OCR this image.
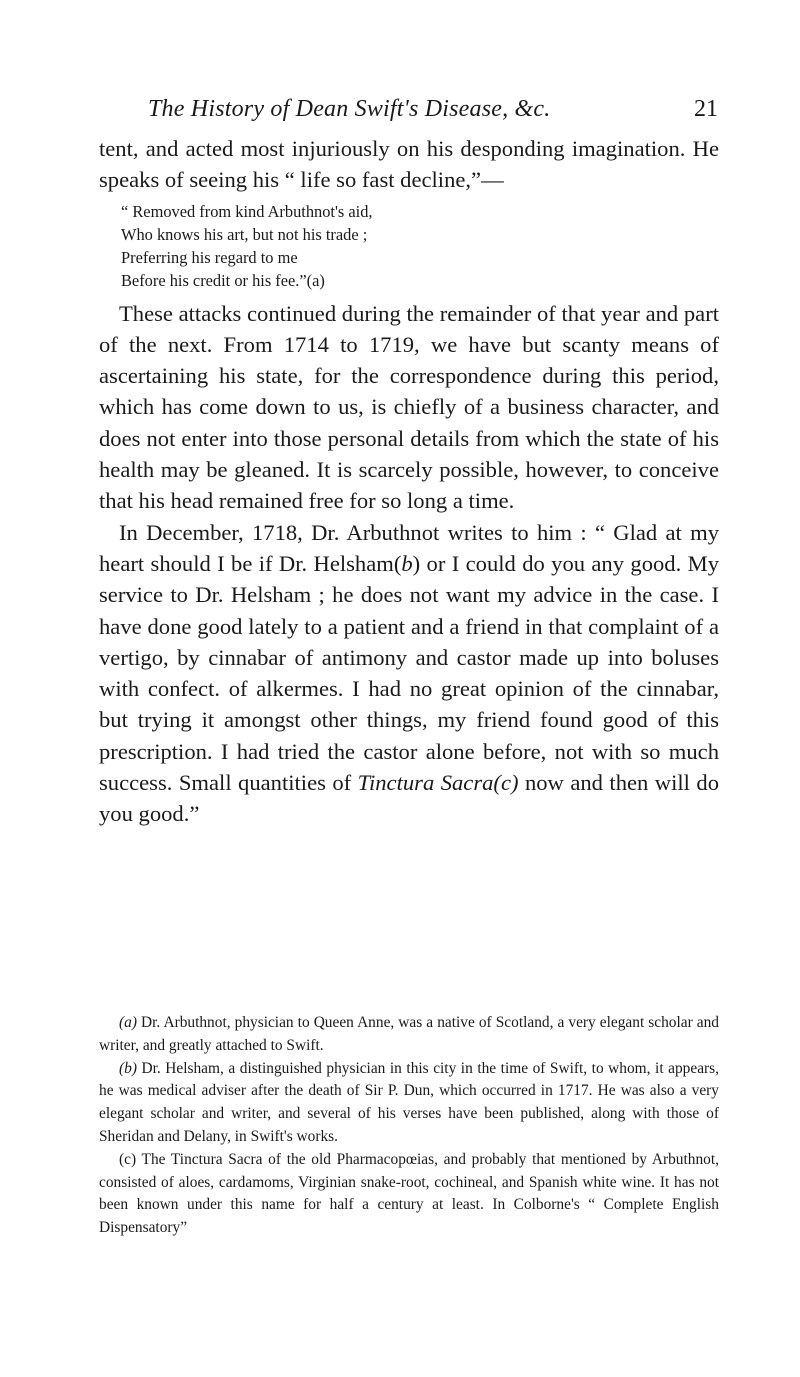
The History of Dean Swift's Disease, &c.	21

tent, and acted most injuriously on his desponding imagination. He speaks of seeing his “ life so fast decline,”—

“ Removed from kind Arbuthnot's aid,
Who knows his art, but not his trade ;
Preferring his regard to me
Before his credit or his fee.”(a)

These attacks continued during the remainder of that year and part of the next. From 1714 to 1719, we have but scanty means of ascertaining his state, for the correspondence during this period, which has come down to us, is chiefly of a business character, and does not enter into those personal details from which the state of his health may be gleaned. It is scarcely possible, however, to conceive that his head remained free for so long a time.

In December, 1718, Dr. Arbuthnot writes to him : “ Glad at my heart should I be if Dr. Helsham(b) or I could do you any good. My service to Dr. Helsham ; he does not want my advice in the case. I have done good lately to a patient and a friend in that complaint of a vertigo, by cinnabar of antimony and castor made up into boluses with confect. of alkermes. I had no great opinion of the cinnabar, but trying it amongst other things, my friend found good of this prescription. I had tried the castor alone before, not with so much success. Small quantities of Tinctura Sacra(c) now and then will do you good.”

(a) Dr. Arbuthnot, physician to Queen Anne, was a native of Scotland, a very elegant scholar and writer, and greatly attached to Swift.

(b) Dr. Helsham, a distinguished physician in this city in the time of Swift, to whom, it appears, he was medical adviser after the death of Sir P. Dun, which occurred in 1717. He was also a very elegant scholar and writer, and several of his verses have been published, along with those of Sheridan and Delany, in Swift's works.

(c) The Tinctura Sacra of the old Pharmacopœias, and probably that mentioned by Arbuthnot, consisted of aloes, cardamoms, Virginian snake-root, cochineal, and Spanish white wine. It has not been known under this name for half a century at least. In Colborne's “ Complete English Dispensatory”
